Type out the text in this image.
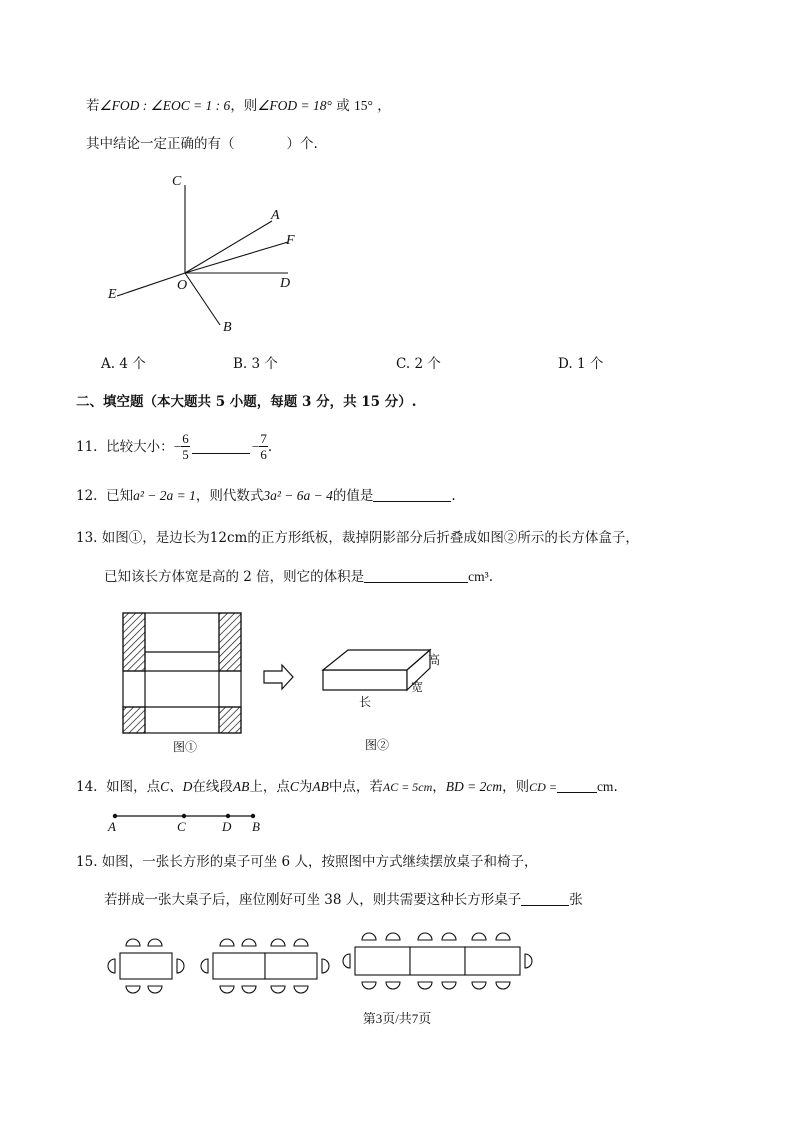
若∠FOD : ∠EOC = 1 : 6，则∠FOD = 18° 或 15° ，
其中结论一定正确的有（	）个.
C
A
F
D
O
E
B
A. 4 个	B. 3 个	C. 2 个	D. 1 个
二、填空题（本大题共 5 小题，每题 3 分，共 15 分）.
11.
比较大小： − $\frac{6}{5}$	− $\frac{7}{6}$ .
12. 已知a² − 2a = 1，则代数式3a² − 6a − 4的值是	.
13. 如图①，是边长为12cm的正方形纸板，裁掉阴影部分后折叠成如图②所示的长方体盒子，
已知该长方体宽是高的 2 倍，则它的体积是	cm³.
图①
高
宽
长
图②
14. 如图，点C、D在线段AB上，点C为AB中点，若AC = 5cm，BD = 2cm，则CD =	cm.
A	C	D B
15. 如图，一张长方形的桌子可坐 6 人，按照图中方式继续摆放桌子和椅子，
若拼成一张大桌子后，座位刚好可坐 38 人，则共需要这种长方形桌子	张
第3页/共7页
